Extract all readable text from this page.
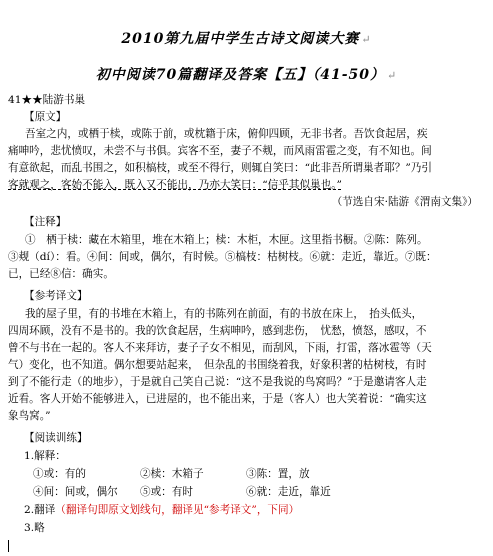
2010第九届中学生古诗文阅读大赛 ↵
初中阅读70篇翻译及答案【五】（41-50） ↵
41★★陆游书巢
【原文】
吾室之内，或栖于椟，或陈于前，或枕籍于床，俯仰四顾，无非书者。吾饮食起居，疾
痛呻吟，悲忧愤叹，未尝不与书俱。宾客不至，妻子不觌，而风雨雷雹之变，有不知也。间
有意欲起，而乱书围之，如积槁枝，或至不得行，则辄自笑曰：“此非吾所谓巢者耶？”乃引
客就观之，客始不能入，既入又不能出，乃亦大笑曰：“信乎其似巢也。”
（节选自宋·陆游《渭南文集》）
【注释】
①　栖于椟：藏在木箱里，堆在木箱上；椟：木柜，木匣。这里指书橱。②陈：陈列。
③觌（dí）：看。④间：间或，偶尔，有时候。⑤槁枝：枯树枝。⑥就：走近，靠近。⑦既：
已，已经⑧信：确实。
【参考译文】
我的屋子里，有的书堆在木箱上，有的书陈列在前面，有的书放在床上，　抬头低头，
四周环顾，没有不是书的。我的饮食起居，生病呻吟，感到悲伤，　忧愁，愤怒，感叹，不
曾不与书在一起的。客人不来拜访，妻子子女不相见，而刮风，下雨，打雷，落冰雹等（天
气）变化，也不知道。偶尔想要站起来，　但杂乱的书围绕着我，好象积著的枯树枝，有时
到了不能行走（的地步），于是就自己笑自己说：“这不是我说的鸟窝吗？”于是邀请客人走
近看。客人开始不能够进入，已进屋的，也不能出来，于是（客人）也大笑着说：“确实这
象鸟窝。”
【阅读训练】
1.解释：
①或：有的	②椟：木箱子	③陈：置，放
④间：间或，偶尔	⑤或：有时	⑥就：走近，靠近
2.翻译（翻译句即原文划线句，翻译见“参考译文”，下同）
3.略
